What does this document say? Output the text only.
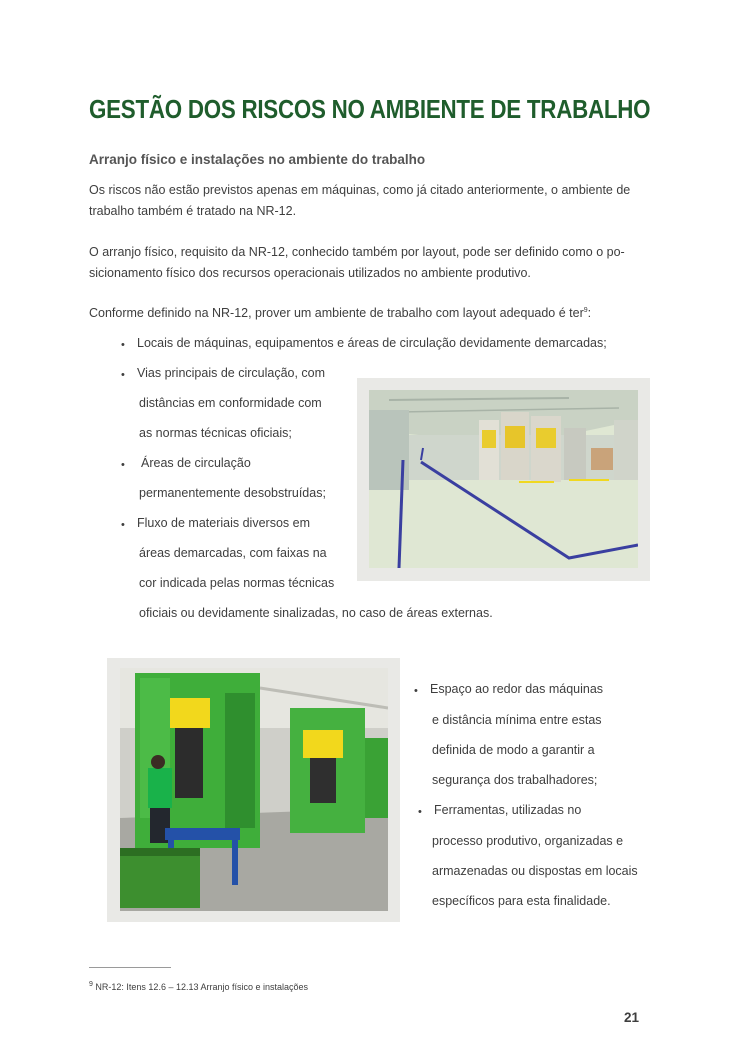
GESTÃO DOS RISCOS NO AMBIENTE DE TRABALHO
Arranjo físico e instalações no ambiente do trabalho

Os riscos não estão previstos apenas em máquinas, como já citado anteriormente, o ambiente de

trabalho também é tratado na NR-12.

O arranjo físico, requisito da NR-12, conhecido também por layout, pode ser definido como o po-

sicionamento físico dos recursos operacionais utilizados no ambiente produtivo.

Conforme definido na NR-12, prover um ambiente de trabalho com layout adequado é ter$^9$:

• Locais de máquinas, equipamentos e áreas de circulação devidamente demarcadas;

• Vias principais de circulação, com

distâncias em conformidade com

as normas técnicas oficiais;

• Áreas de circulação

permanentemente desobstruídas;

• Fluxo de materiais diversos em

áreas demarcadas, com faixas na

cor indicada pelas normas técnicas

oficiais ou devidamente sinalizadas, no caso de áreas externas.

• Espaço ao redor das máquinas

e distância mínima entre estas

definida de modo a garantir a

segurança dos trabalhadores;

• Ferramentas, utilizadas no

processo produtivo, organizadas e

armazenadas ou dispostas em locais

específicos para esta finalidade.

$^9$ NR-12: Itens 12.6 – 12.13 Arranjo físico e instalações

21
